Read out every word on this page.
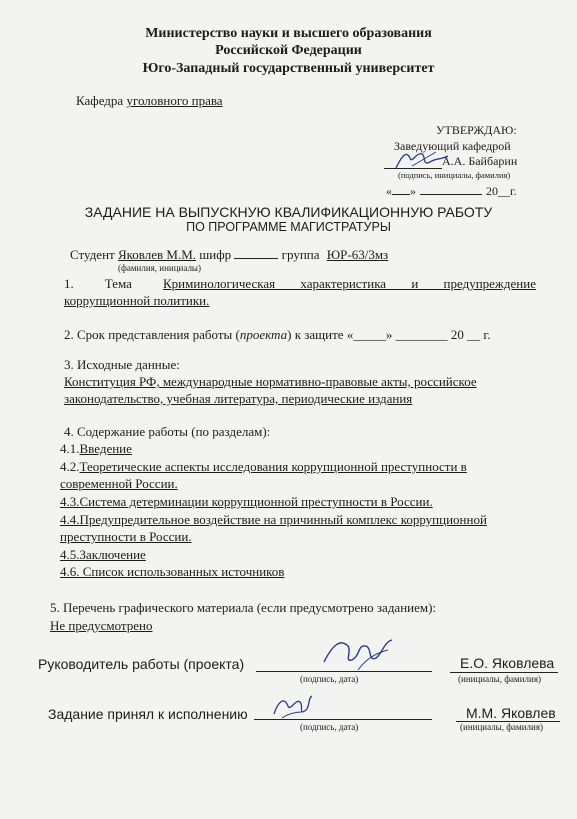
Министерство науки и высшего образования
Российской Федерации
Юго-Западный государственный университет
Кафедра уголовного права
УТВЕРЖДАЮ:
Заведующий кафедрой
А.А. Байбарин
(подпись, инициалы, фамилия)
« »	20__г.
ЗАДАНИЕ НА ВЫПУСКНУЮ КВАЛИФИКАЦИОННУЮ РАБОТУ
ПО ПРОГРАММЕ МАГИСТРАТУРЫ
Студент Яковлев М.М. шифр	группа ЮР-63/3мз
(фамилия, инициалы)
1. Тема Криминологическая характеристика и предупреждение
коррупционной политики.
2. Срок представления работы (проекта) к защите «_____» ________ 20 __ г.
3. Исходные данные:
Конституция РФ, международные нормативно-правовые акты, российское
законодательство, учебная литература, периодические издания
4. Содержание работы (по разделам):
4.1.Введение
4.2.Теоретические аспекты исследования коррупционной преступности в
современной России.
4.3.Система детерминации коррупционной преступности в России.
4.4.Предупредительное воздействие на причинный комплекс коррупционной
преступности в России.
4.5.Заключение
4.6. Список использованных источников
5. Перечень графического материала (если предусмотрено заданием):
Не предусмотрено
Руководитель работы (проекта)	Е.О. Яковлева
(подпись, дата)	(инициалы, фамилия)
Задание принял к исполнению	М.М. Яковлев
(подпись, дата)	(инициалы, фамилия)
